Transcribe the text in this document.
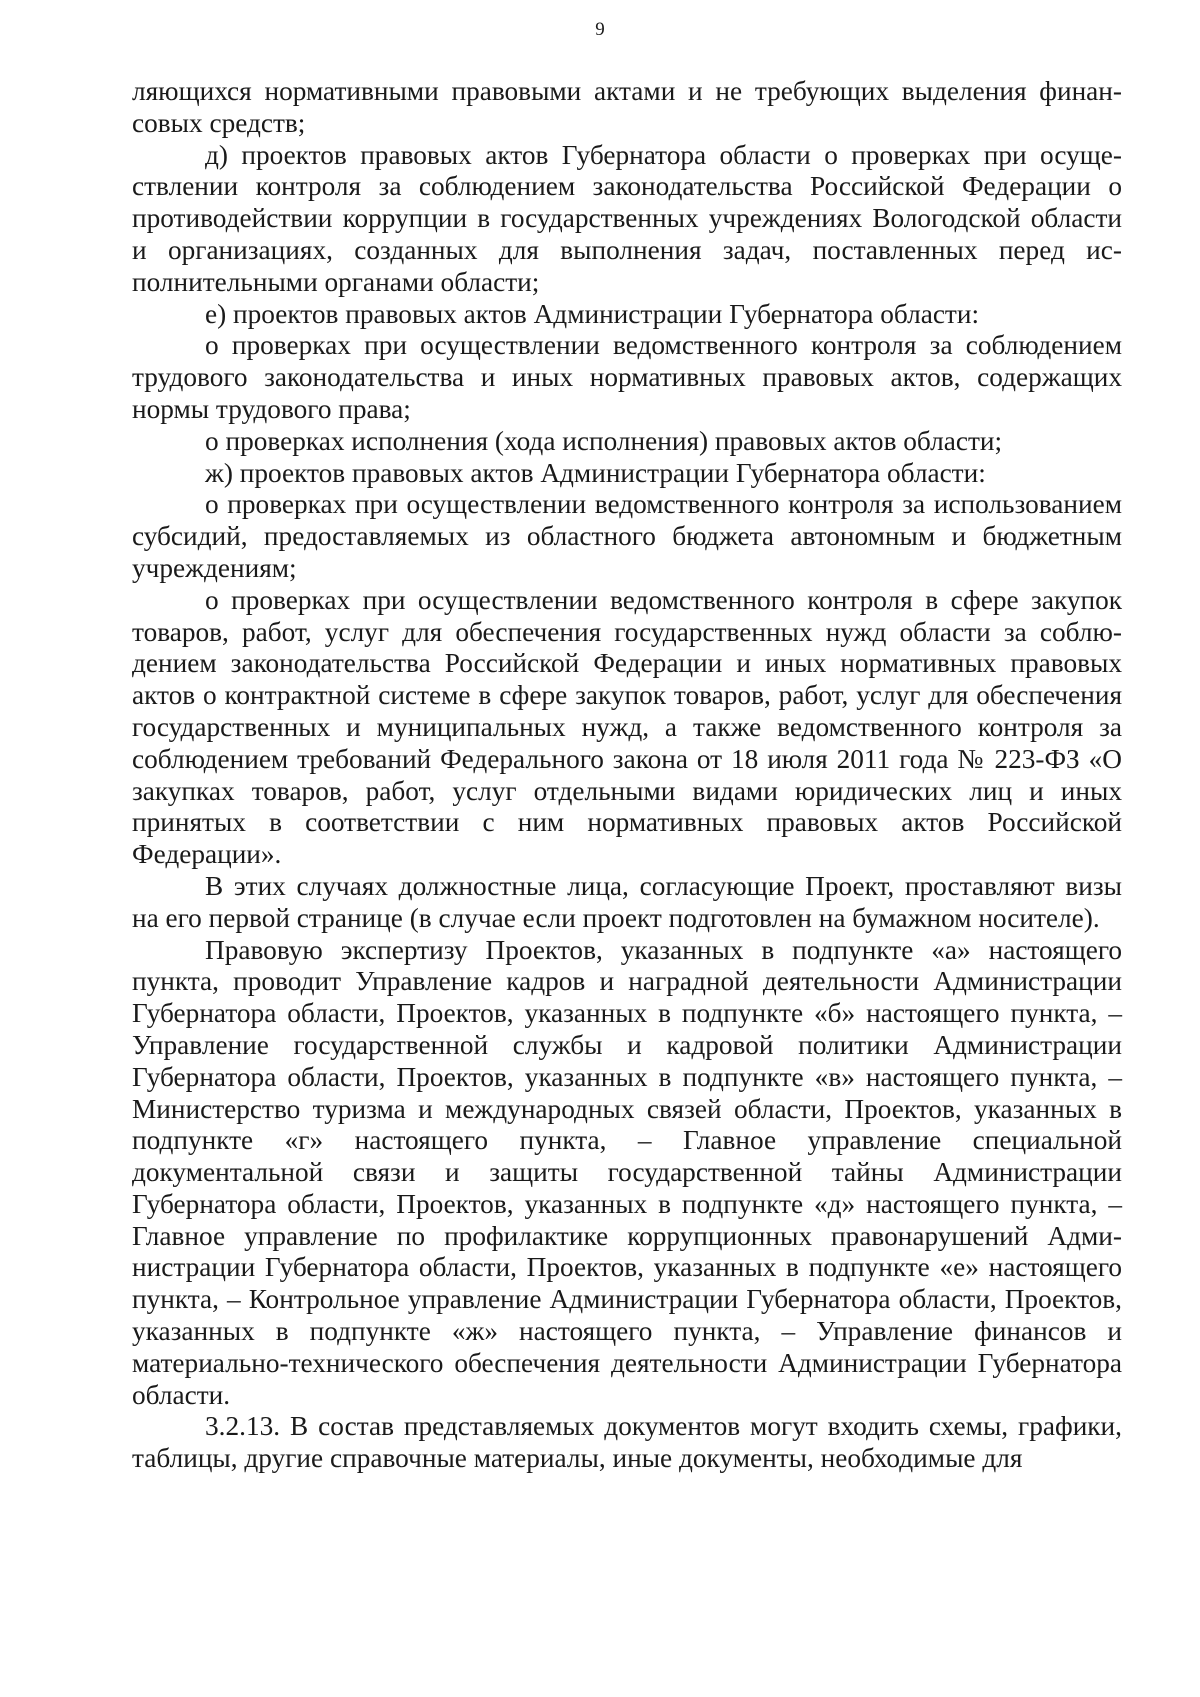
9

ляющихся нормативными правовыми актами и не требующих выделения финансовых средств;

д) проектов правовых актов Губернатора области о проверках при осуществлении контроля за соблюдением законодательства Российской Федерации о противодействии коррупции в государственных учреждениях Вологодской области и организациях, созданных для выполнения задач, поставленных перед исполнительными органами области;

е) проектов правовых актов Администрации Губернатора области:

о проверках при осуществлении ведомственного контроля за соблюдением трудового законодательства и иных нормативных правовых актов, содержащих нормы трудового права;

о проверках исполнения (хода исполнения) правовых актов области;

ж) проектов правовых актов Администрации Губернатора области:

о проверках при осуществлении ведомственного контроля за использованием субсидий, предоставляемых из областного бюджета автономным и бюджетным учреждениям;

о проверках при осуществлении ведомственного контроля в сфере закупок товаров, работ, услуг для обеспечения государственных нужд области за соблюдением законодательства Российской Федерации и иных нормативных правовых актов о контрактной системе в сфере закупок товаров, работ, услуг для обеспечения государственных и муниципальных нужд, а также ведомственного контроля за соблюдением требований Федерального закона от 18 июля 2011 года № 223-ФЗ «О закупках товаров, работ, услуг отдельными видами юридических лиц и иных принятых в соответствии с ним нормативных правовых актов Российской Федерации».

В этих случаях должностные лица, согласующие Проект, проставляют визы на его первой странице (в случае если проект подготовлен на бумажном носителе).

Правовую экспертизу Проектов, указанных в подпункте «а» настоящего пункта, проводит Управление кадров и наградной деятельности Администрации Губернатора области, Проектов, указанных в подпункте «б» настоящего пункта, – Управление государственной службы и кадровой политики Администрации Губернатора области, Проектов, указанных в подпункте «в» настоящего пункта, – Министерство туризма и международных связей области, Проектов, указанных в подпункте «г» настоящего пункта, – Главное управление специальной документальной связи и защиты государственной тайны Администрации Губернатора области, Проектов, указанных в подпункте «д» настоящего пункта, – Главное управление по профилактике коррупционных правонарушений Администрации Губернатора области, Проектов, указанных в подпункте «е» настоящего пункта, – Контрольное управление Администрации Губернатора области, Проектов, указанных в подпункте «ж» настоящего пункта, – Управление финансов и материально-технического обеспечения деятельности Администрации Губернатора области.

3.2.13. В состав представляемых документов могут входить схемы, графики, таблицы, другие справочные материалы, иные документы, необходимые для
